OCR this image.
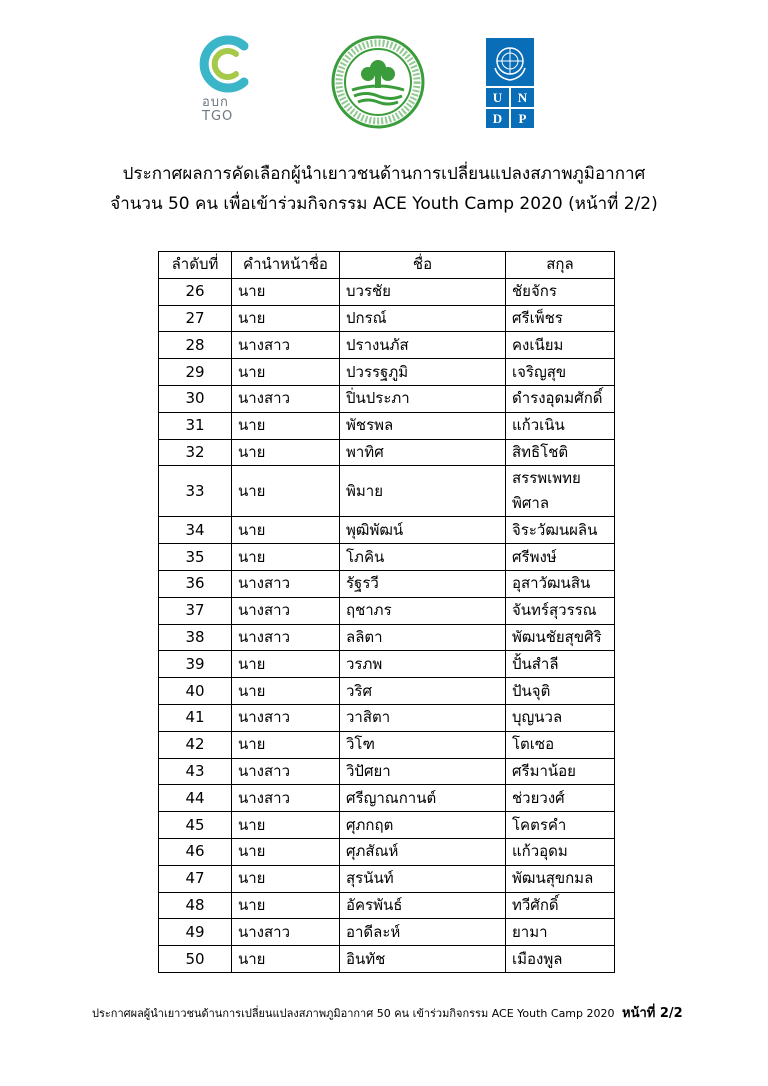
อบก
TGO
U	N
D	P
ประกาศผลการคัดเลือกผู้นำเยาวชนด้านการเปลี่ยนแปลงสภาพภูมิอากาศ
จำนวน 50 คน เพื่อเข้าร่วมกิจกรรม ACE Youth Camp 2020 (หน้าที่ 2/2)
ลำดับที่	คำนำหน้าชื่อ	ชื่อ	สกุล
26	นาย	บวรชัย	ชัยจักร
27	นาย	ปกรณ์	ศรีเพ็ชร
28	นางสาว	ปรางนภัส	คงเนียม
29	นาย	ปวรรฐภูมิ	เจริญสุข
30	นางสาว	ปิ่นประภา	ดำรงอุดมศักดิ์
31	นาย	พัชรพล	แก้วเนิน
32	นาย	พาทิศ	สิทธิโชติ
33	นาย	พิมาย	สรรพเพทยพิศาล
34	นาย	พุฒิพัฒน์	จิระวัฒนผลิน
35	นาย	โภคิน	ศรีพงษ์
36	นางสาว	รัฐรวี	อุสาวัฒนสิน
37	นางสาว	ฤชาภร	จันทร์สุวรรณ
38	นางสาว	ลลิตา	พัฒนชัยสุขศิริ
39	นาย	วรภพ	ปั้นสำลี
40	นาย	วริศ	ปันจุติ
41	นางสาว	วาสิตา	บุญนวล
42	นาย	วิโฑ	โตเซอ
43	นางสาว	วิปัศยา	ศรีมาน้อย
44	นางสาว	ศรีญาณกานต์	ช่วยวงศ์
45	นาย	ศุภกฤต	โคตรคำ
46	นาย	ศุภสัณห์	แก้วอุดม
47	นาย	สุรนันท์	พัฒนสุขกมล
48	นาย	อัครพันธ์	ทวีศักดิ์
49	นางสาว	อาดีละห์	ยามา
50	นาย	อินทัช	เมืองพูล
ประกาศผลผู้นำเยาวชนด้านการเปลี่ยนแปลงสภาพภูมิอากาศ 50 คน เข้าร่วมกิจกรรม ACE Youth Camp 2020 หน้าที่ 2/2
